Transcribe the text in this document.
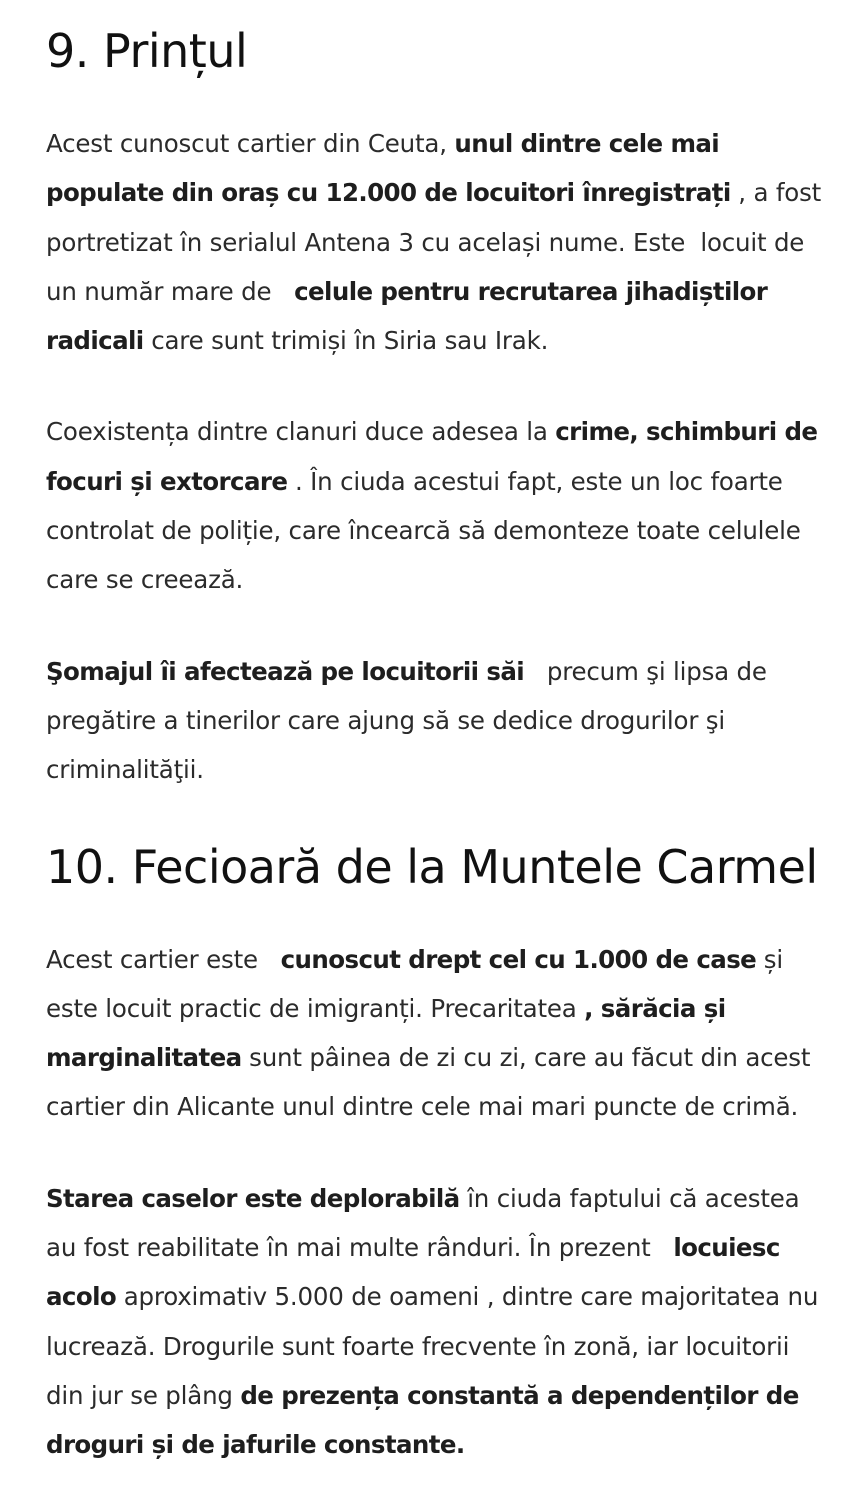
9. Prințul

Acest cunoscut cartier din Ceuta, unul dintre cele mai populate din oraș cu 12.000 de locuitori înregistrați , a fost portretizat în serialul Antena 3 cu același nume. Este  locuit de un număr mare de   celule pentru recrutarea jihadiștilor radicali care sunt trimiși în Siria sau Irak.

Coexistența dintre clanuri duce adesea la crime, schimburi de focuri și extorcare . În ciuda acestui fapt, este un loc foarte controlat de poliție, care încearcă să demonteze toate celulele care se creează.

Şomajul îi afectează pe locuitorii săi   precum şi lipsa de pregătire a tinerilor care ajung să se dedice drogurilor şi criminalităţii.

10. Fecioară de la Muntele Carmel

Acest cartier este   cunoscut drept cel cu 1.000 de case și este locuit practic de imigranți. Precaritatea , sărăcia și marginalitatea sunt pâinea de zi cu zi, care au făcut din acest cartier din Alicante unul dintre cele mai mari puncte de crimă.

Starea caselor este deplorabilă în ciuda faptului că acestea au fost reabilitate în mai multe rânduri. În prezent   locuiesc acolo aproximativ 5.000 de oameni , dintre care majoritatea nu lucrează. Drogurile sunt foarte frecvente în zonă, iar locuitorii din jur se plâng de prezența constantă a dependenților de droguri și de jafurile constante.
